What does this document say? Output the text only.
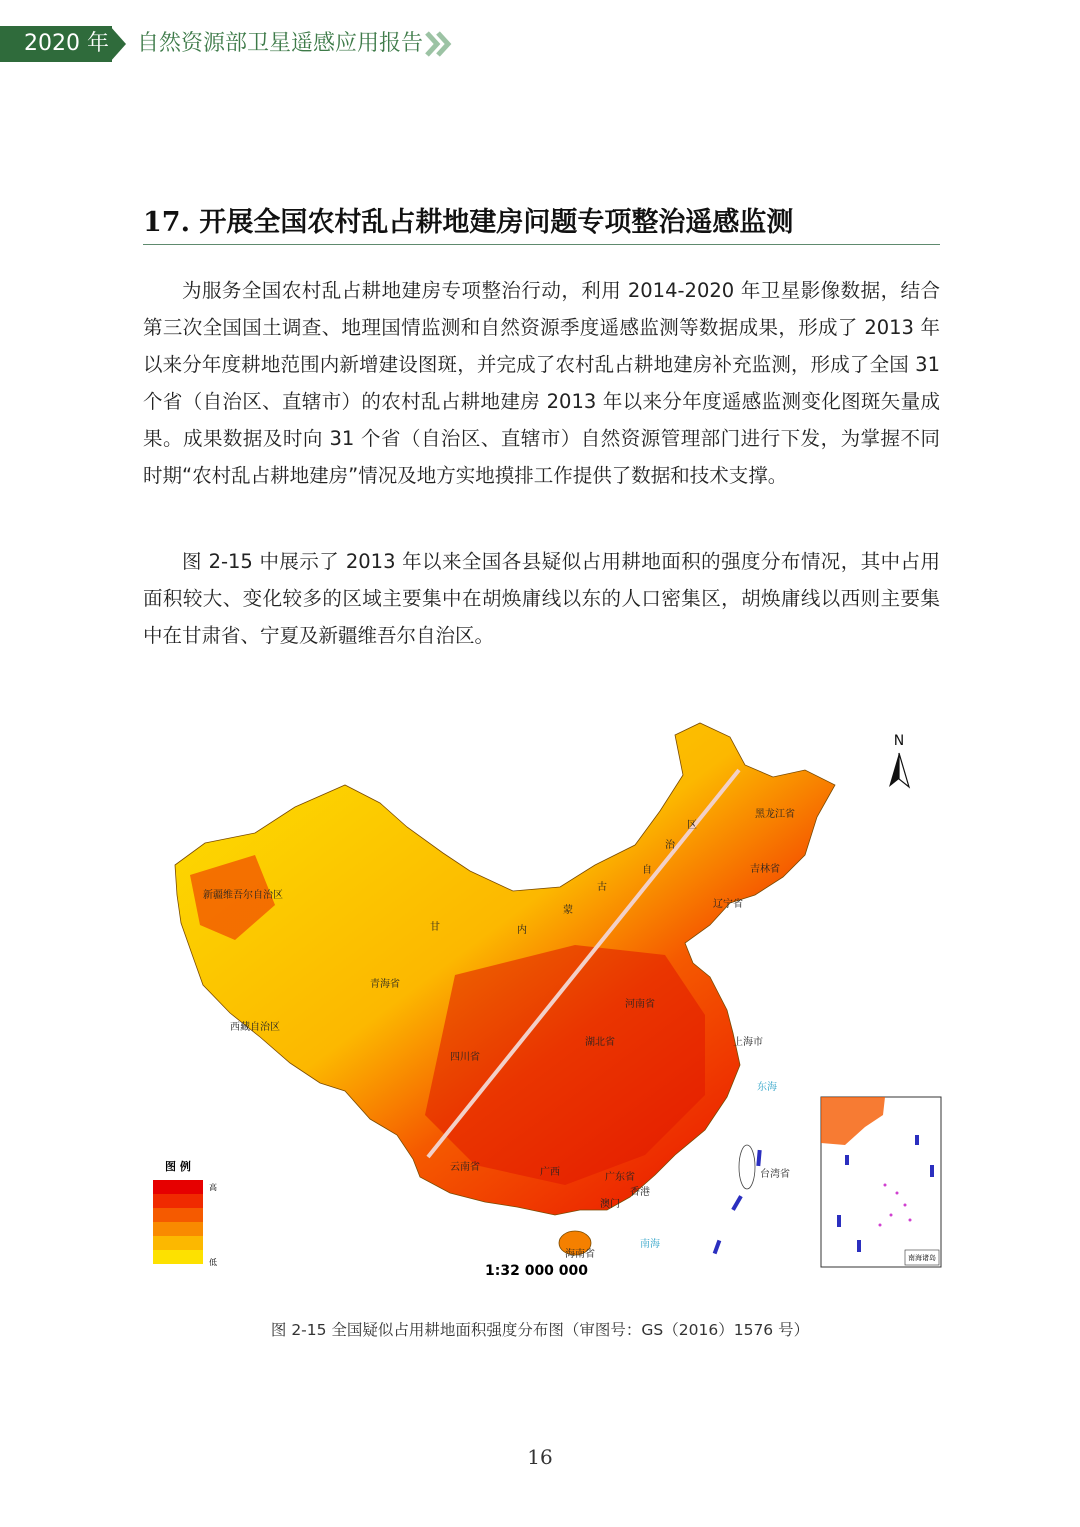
2020 年 自然资源部卫星遥感应用报告
17. 开展全国农村乱占耕地建房问题专项整治遥感监测

为服务全国农村乱占耕地建房专项整治行动，利用 2014-2020 年卫星影像数据，结合第三次全国国土调查、地理国情监测和自然资源季度遥感监测等数据成果，形成了 2013 年以来分年度耕地范围内新增建设图斑，并完成了农村乱占耕地建房补充监测，形成了全国 31 个省（自治区、直辖市）的农村乱占耕地建房 2013 年以来分年度遥感监测变化图斑矢量成果。成果数据及时向 31 个省（自治区、直辖市）自然资源管理部门进行下发，为掌握不同时期“农村乱占耕地建房”情况及地方实地摸排工作提供了数据和技术支撑。

图 2-15 中展示了 2013 年以来全国各县疑似占用耕地面积的强度分布情况，其中占用面积较大、变化较多的区域主要集中在胡焕庸线以东的人口密集区，胡焕庸线以西则主要集中在甘肃省、宁夏及新疆维吾尔自治区。

新疆维吾尔自治区
西藏自治区
青海省
甘	内
蒙
古
自
治
区
黑龙江省
吉林省
辽宁省
四川省
湖北省
河南省
云南省	广西	广东省
香港
澳门
海南省
上海市
台湾省
东海
南海
N
图 例
高
低
1:32 000 000
南海诸岛
图 2-15 全国疑似占用耕地面积强度分布图（审图号：GS（2016）1576 号）
16
